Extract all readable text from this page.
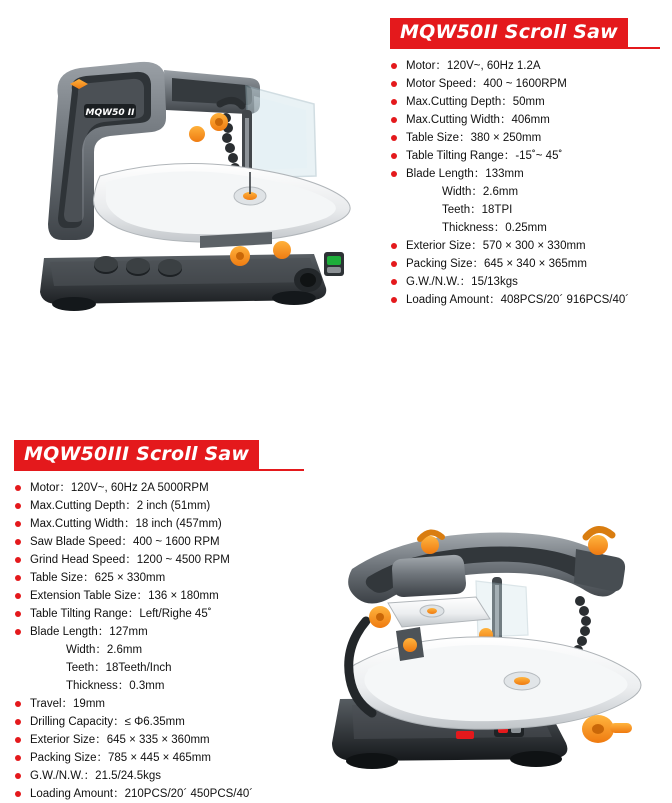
MQW50 II
MQW50II Scroll Saw
Motor：120V~, 60Hz 1.2A
Motor Speed：400 ~ 1600RPM
Max.Cutting Depth：50mm
Max.Cutting Width：406mm
Table Size：380 × 250mm
Table Tilting Range：-15˚~ 45˚
Blade Length：133mm
Width：2.6mm
Teeth：18TPI
Thickness：0.25mm
Exterior Size：570 × 300 × 330mm
Packing Size：645 × 340 × 365mm
G.W./N.W.：15/13kgs
Loading Amount：408PCS/20´ 916PCS/40´
MQW50III Scroll Saw
Motor：120V~, 60Hz 2A 5000RPM
Max.Cutting Depth：2 inch (51mm)
Max.Cutting Width：18 inch (457mm)
Saw Blade Speed：400 ~ 1600 RPM
Grind Head Speed：1200 ~ 4500 RPM
Table Size：625 × 330mm
Extension Table Size：136 × 180mm
Table Tilting Range：Left/Righe 45˚
Blade Length：127mm
Width：2.6mm
Teeth：18Teeth/Inch
Thickness：0.3mm
Travel：19mm
Drilling Capacity：≤ Φ6.35mm
Exterior Size：645 × 335 × 360mm
Packing Size：785 × 445 × 465mm
G.W./N.W.：21.5/24.5kgs
Loading Amount：210PCS/20´ 450PCS/40´
